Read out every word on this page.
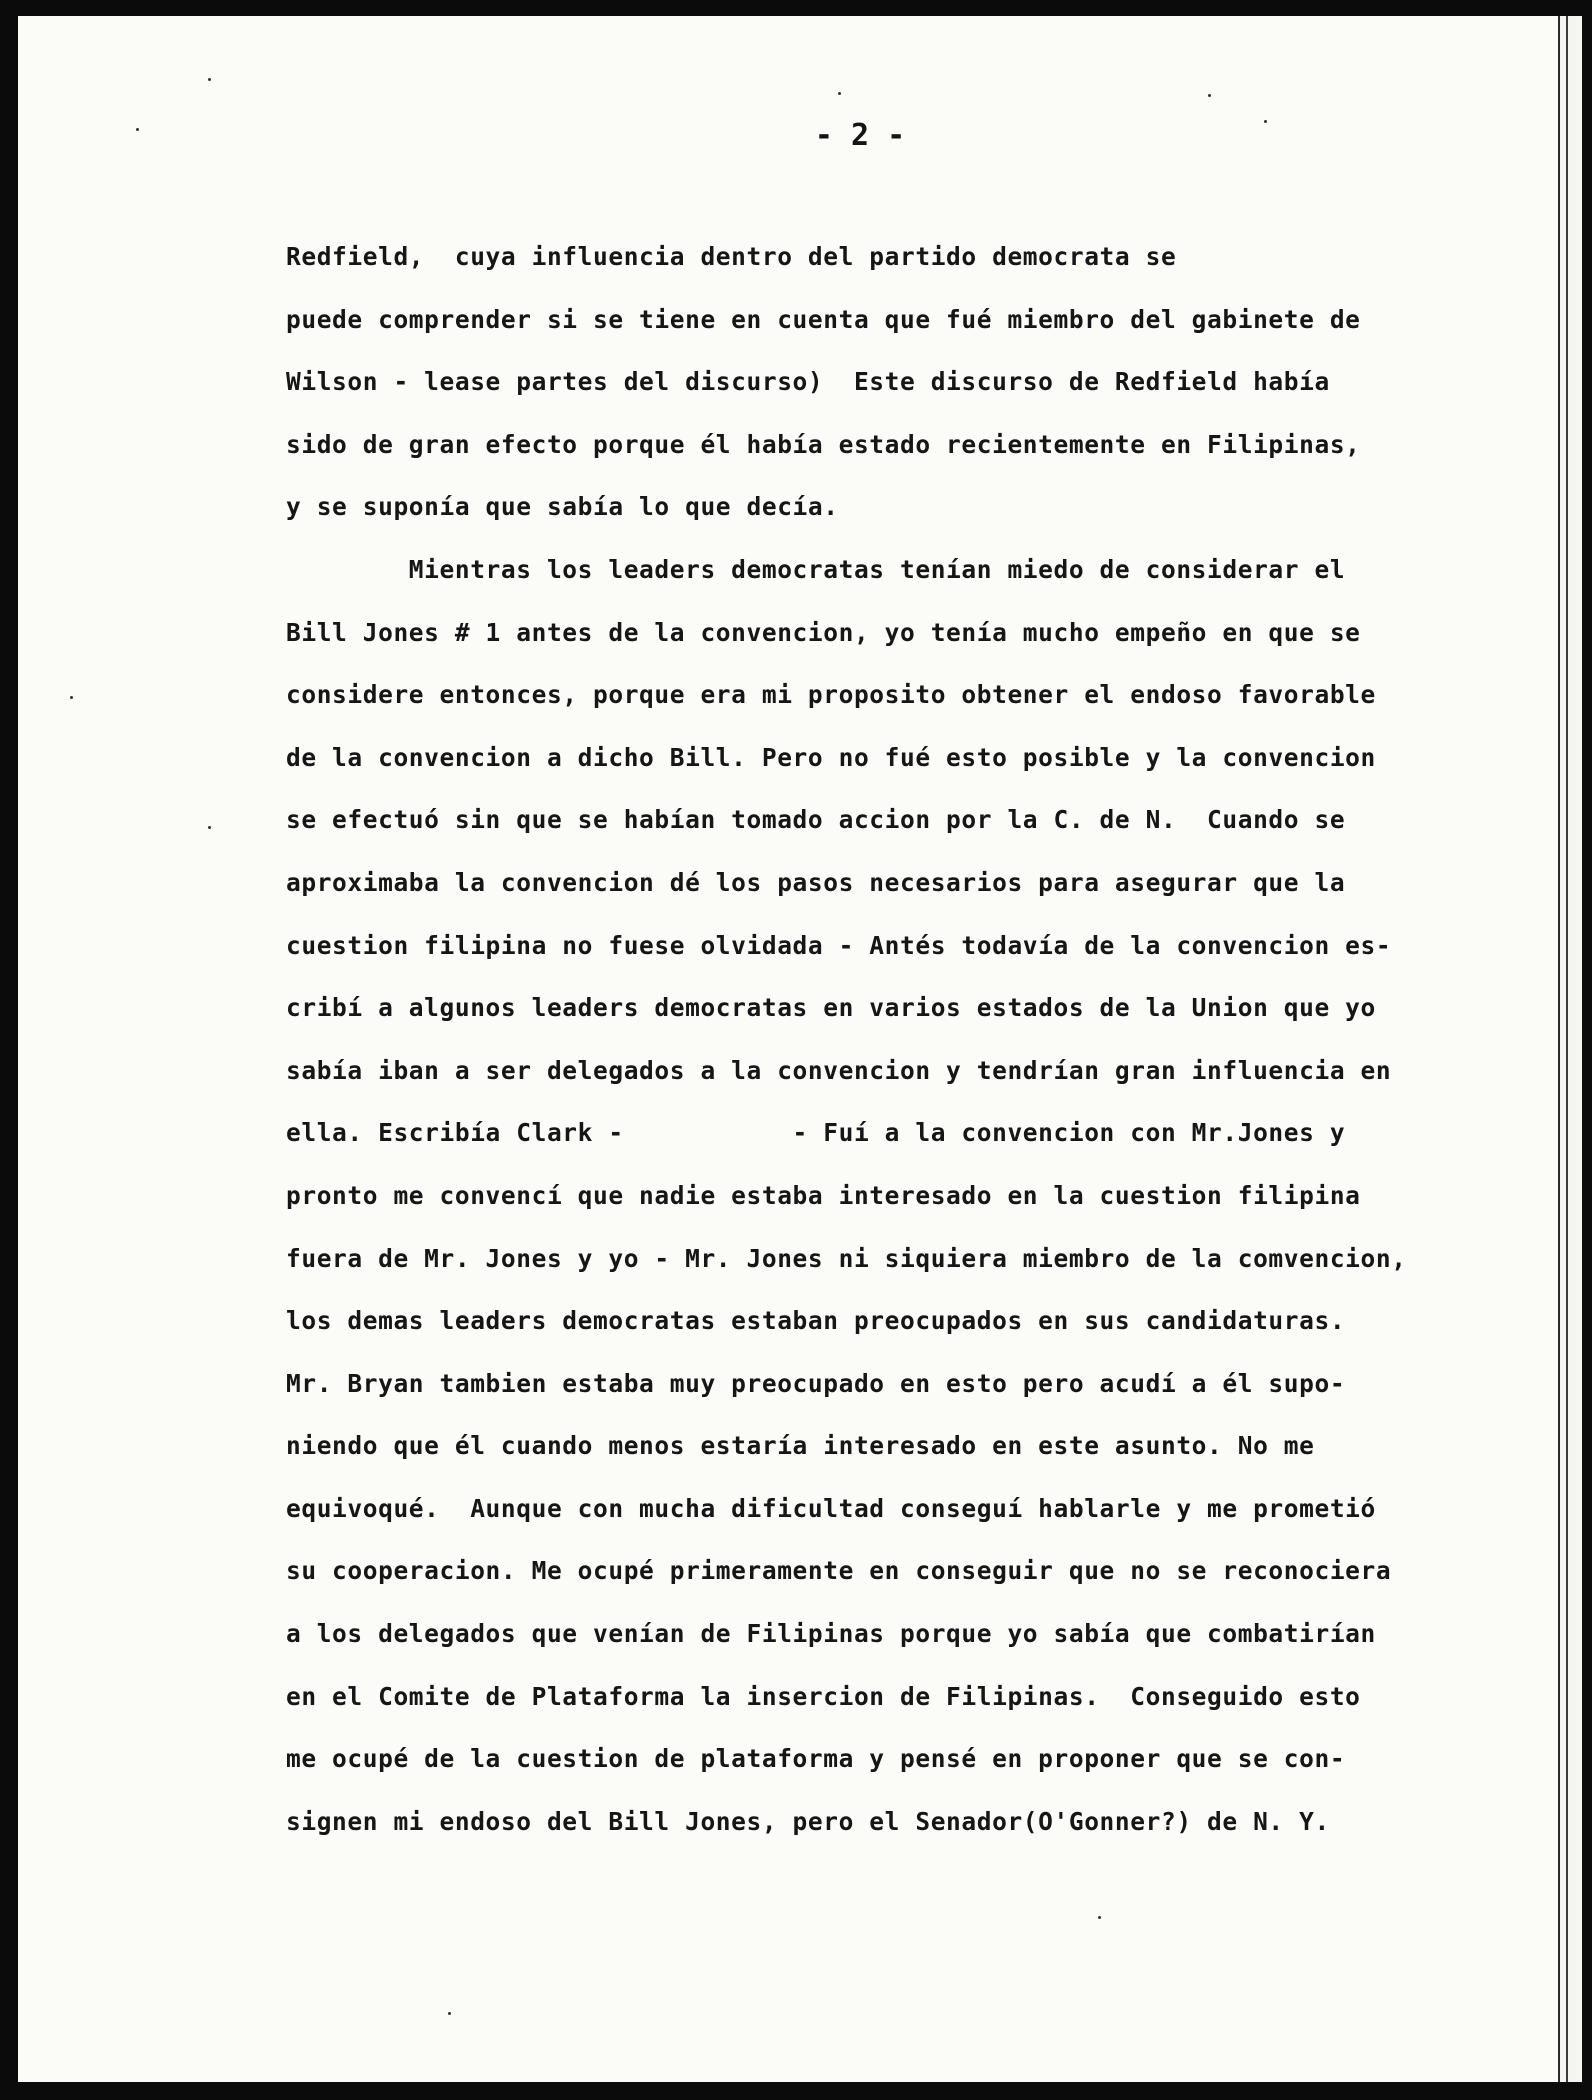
- 2 -
Redfield,  cuya influencia dentro del partido democrata se
puede comprender si se tiene en cuenta que fué miembro del gabinete de
Wilson - lease partes del discurso)  Este discurso de Redfield había
sido de gran efecto porque él había estado recientemente en Filipinas,
y se suponía que sabía lo que decía.
Mientras los leaders democratas tenían miedo de considerar el
Bill Jones # 1 antes de la convencion, yo tenía mucho empeño en que se
considere entonces, porque era mi proposito obtener el endoso favorable
de la convencion a dicho Bill. Pero no fué esto posible y la convencion
se efectuó sin que se habían tomado accion por la C. de N.  Cuando se
aproximaba la convencion dé los pasos necesarios para asegurar que la
cuestion filipina no fuese olvidada - Antés todavía de la convencion es-
cribí a algunos leaders democratas en varios estados de la Union que yo
sabía iban a ser delegados a la convencion y tendrían gran influencia en
ella. Escribía Clark -           - Fuí a la convencion con Mr.Jones y
pronto me convencí que nadie estaba interesado en la cuestion filipina
fuera de Mr. Jones y yo - Mr. Jones ni siquiera miembro de la comvencion,
los demas leaders democratas estaban preocupados en sus candidaturas.
Mr. Bryan tambien estaba muy preocupado en esto pero acudí a él supo-
niendo que él cuando menos estaría interesado en este asunto. No me
equivoqué.  Aunque con mucha dificultad conseguí hablarle y me prometió
su cooperacion. Me ocupé primeramente en conseguir que no se reconociera
a los delegados que venían de Filipinas porque yo sabía que combatirían
en el Comite de Plataforma la insercion de Filipinas.  Conseguido esto
me ocupé de la cuestion de plataforma y pensé en proponer que se con-
signen mi endoso del Bill Jones, pero el Senador(O'Gonner?) de N. Y.
